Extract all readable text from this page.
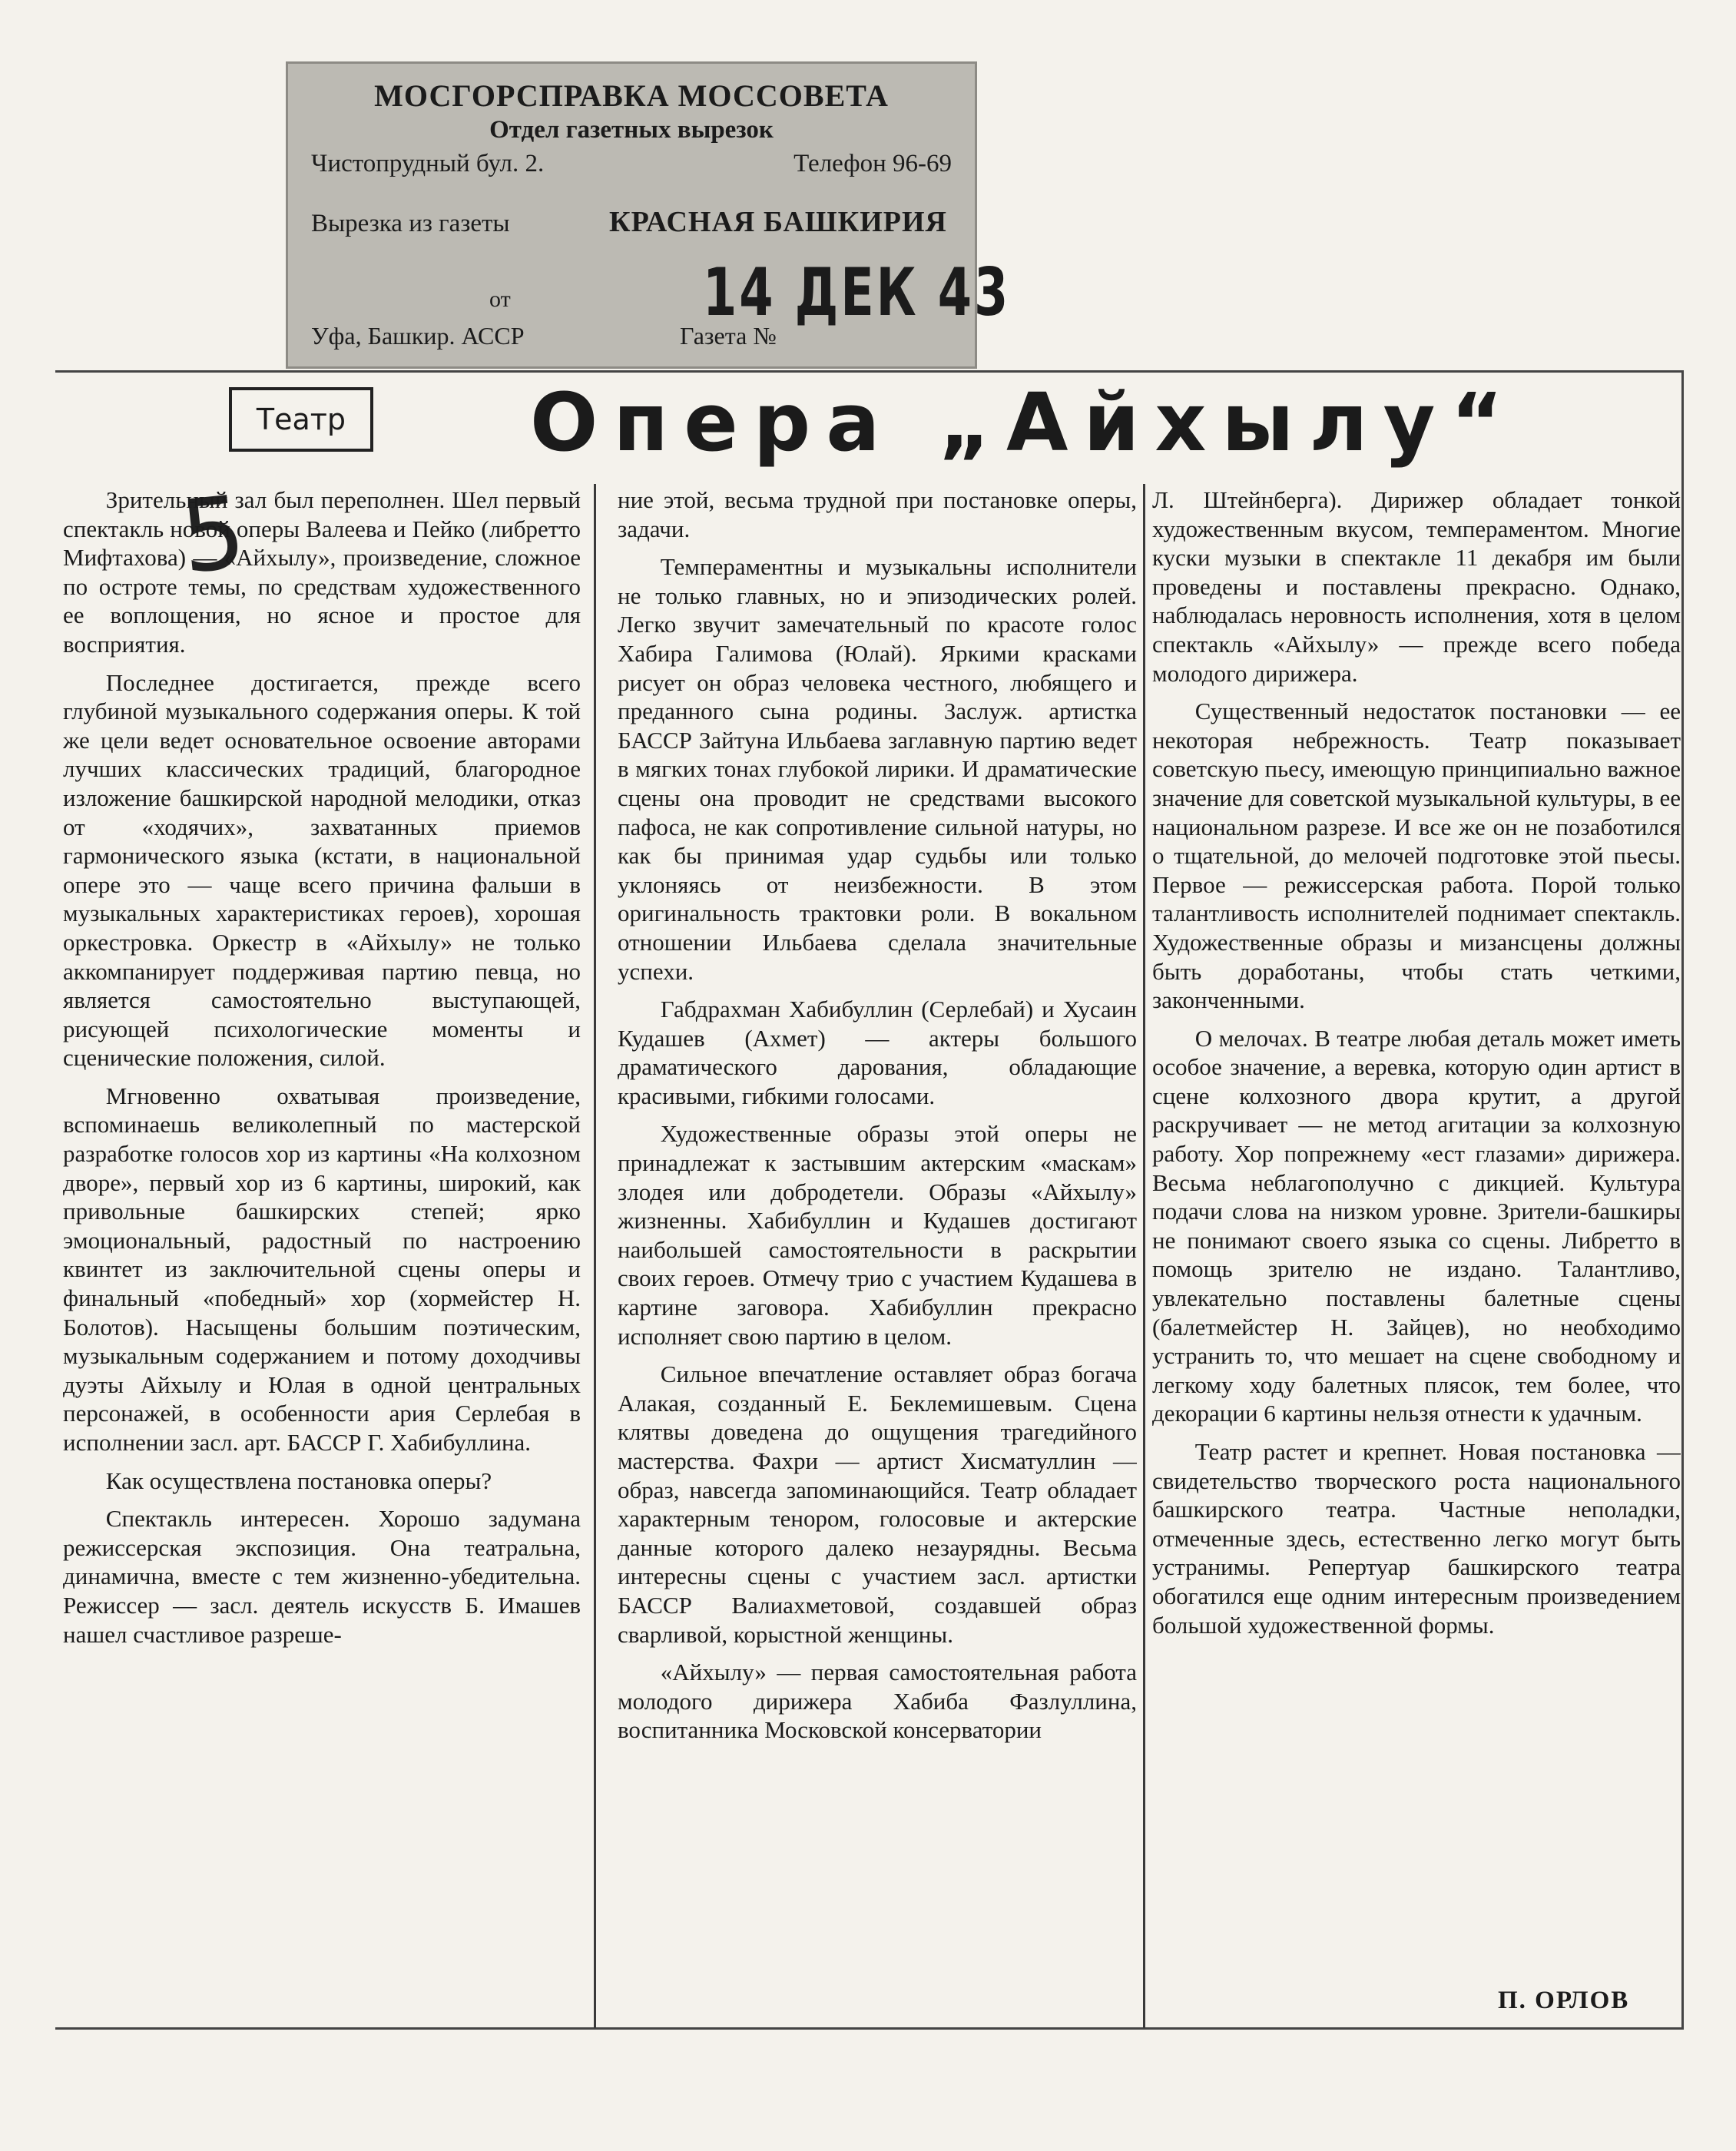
МОСГОРСПРАВКА МОССОВЕТА
Отдел газетных вырезок
Чистопрудный бул. 2.	Телефон 96-69
Вырезка из газеты	КРАСНАЯ БАШКИРИЯ
от	14 ДЕК 43
Уфа, Башкир. АССР	Газета №
Театр	Опера „Айхылу“
5

Зрительный зал был переполнен. Шел первый спектакль новой оперы Валеева и Пейко (либретто Мифтахова) — «Айхылу», произведение, сложное по остроте темы, по средствам художественного ее воплощения, но ясное и простое для восприятия.

Последнее достигается, прежде всего глубиной музыкального содержания оперы. К той же цели ведет основательное освоение авторами лучших классических традиций, благородное изложение башкирской народной мелодики, отказ от «ходячих», захватанных приемов гармонического языка (кстати, в национальной опере это — чаще всего причина фальши в музыкальных характеристиках героев), хорошая оркестровка. Оркестр в «Айхылу» не только аккомпанирует поддерживая партию певца, но является самостоятельно выступающей, рисующей психологические моменты и сценические положения, силой.

Мгновенно охватывая произведение, вспоминаешь великолепный по мастерской разработке голосов хор из картины «На колхозном дворе», первый хор из 6 картины, широкий, как привольные башкирских степей; ярко эмоциональный, радостный по настроению квинтет из заключительной сцены оперы и финальный «победный» хор (хормейстер Н. Болотов). Насыщены большим поэтическим, музыкальным содержанием и потому доходчивы дуэты Айхылу и Юлая в одной центральных персонажей, в особенности ария Серлебая в исполнении засл. арт. БАССР Г. Хабибуллина.

Как осуществлена постановка оперы?

Спектакль интересен. Хорошо задумана режиссерская экспозиция. Она театральна, динамична, вместе с тем жизненно-убедительна. Режиссер — засл. деятель искусств Б. Имашев нашел счастливое разреше-

ние этой, весьма трудной при постановке оперы, задачи.

Темпераментны и музыкальны исполнители не только главных, но и эпизодических ролей. Легко звучит замечательный по красоте голос Хабира Галимова (Юлай). Яркими красками рисует он образ человека честного, любящего и преданного сына родины. Заслуж. артистка БАССР Зайтуна Ильбаева заглавную партию ведет в мягких тонах глубокой лирики. И драматические сцены она проводит не средствами высокого пафоса, не как сопротивление сильной натуры, но как бы принимая удар судьбы или только уклоняясь от неизбежности. В этом оригинальность трактовки роли. В вокальном отношении Ильбаева сделала значительные успехи.

Габдрахман Хабибуллин (Серлебай) и Хусаин Кудашев (Ахмет) — актеры большого драматического дарования, обладающие красивыми, гибкими голосами.

Художественные образы этой оперы не принадлежат к застывшим актерским «маскам» злодея или добродетели. Образы «Айхылу» жизненны. Хабибуллин и Кудашев достигают наибольшей самостоятельности в раскрытии своих героев. Отмечу трио с участием Кудашева в картине заговора. Хабибуллин прекрасно исполняет свою партию в целом.

Сильное впечатление оставляет образ богача Алакая, созданный Е. Беклемишевым. Сцена клятвы доведена до ощущения трагедийного мастерства. Фахри — артист Хисматуллин — образ, навсегда запоминающийся. Театр обладает характерным тенором, голосовые и актерские данные которого далеко незаурядны. Весьма интересны сцены с участием засл. артистки БАССР Валиахметовой, создавшей образ сварливой, корыстной женщины.

«Айхылу» — первая самостоятельная работа молодого дирижера Хабиба Фазлуллина, воспитанника Московской консерватории

Л. Штейнберга). Дирижер обладает тонкой художественным вкусом, темпераментом. Многие куски музыки в спектакле 11 декабря им были проведены и поставлены прекрасно. Однако, наблюдалась неровность исполнения, хотя в целом спектакль «Айхылу» — прежде всего победа молодого дирижера.

Существенный недостаток постановки — ее некоторая небрежность. Театр показывает советскую пьесу, имеющую принципиально важное значение для советской музыкальной культуры, в ее национальном разрезе. И все же он не позаботился о тщательной, до мелочей подготовке этой пьесы. Первое — режиссерская работа. Порой только талантливость исполнителей поднимает спектакль. Художественные образы и мизансцены должны быть доработаны, чтобы стать четкими, законченными.

О мелочах. В театре любая деталь может иметь особое значение, а веревка, которую один артист в сцене колхозного двора крутит, а другой раскручивает — не метод агитации за колхозную работу. Хор попрежнему «ест глазами» дирижера. Весьма неблагополучно с дикцией. Культура подачи слова на низком уровне. Зрители-башкиры не понимают своего языка со сцены. Либретто в помощь зрителю не издано. Талантливо, увлекательно поставлены балетные сцены (балетмейстер Н. Зайцев), но необходимо устранить то, что мешает на сцене свободному и легкому ходу балетных плясок, тем более, что декорации 6 картины нельзя отнести к удачным.

Театр растет и крепнет. Новая постановка — свидетельство творческого роста национального башкирского театра. Частные неполадки, отмеченные здесь, естественно легко могут быть устранимы. Репертуар башкирского театра обогатился еще одним интересным произведением большой художественной формы.

П. ОРЛОВ
